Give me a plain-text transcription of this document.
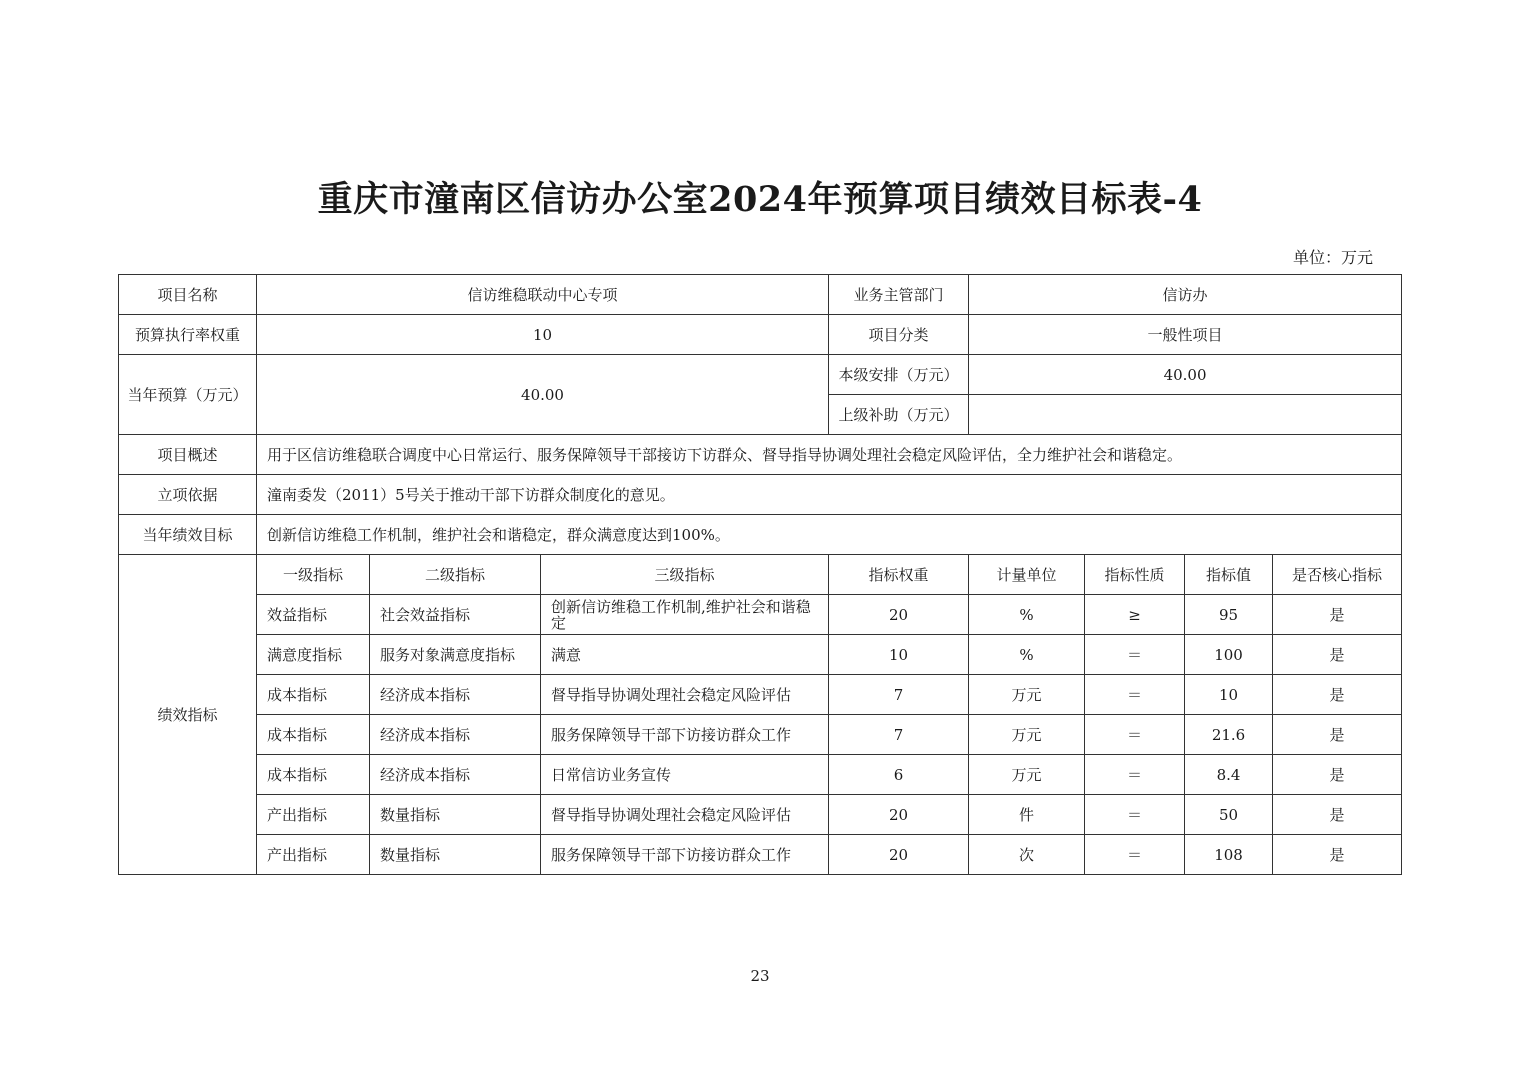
重庆市潼南区信访办公室2024年预算项目绩效目标表-4
单位：万元
项目名称	信访维稳联动中心专项			业务主管部门	信访办			
预算执行率权重	10			项目分类	一般性项目			
当年预算（万元）	40.00			本级安排（万元）	40.00			
				上级补助（万元）				
项目概述	用于区信访维稳联合调度中心日常运行、服务保障领导干部接访下访群众、督导指导协调处理社会稳定风险评估，全力维护社会和谐稳定。							
立项依据	潼南委发（2011）5号关于推动干部下访群众制度化的意见。							
当年绩效目标	创新信访维稳工作机制，维护社会和谐稳定，群众满意度达到100%。							
绩效指标	一级指标	二级指标	三级指标	指标权重	计量单位	指标性质	指标值	是否核心指标
	效益指标	社会效益指标	创新信访维稳工作机制,维护社会和谐稳定	20	%	≥	95	是
	满意度指标	服务对象满意度指标	满意	10	%	＝	100	是
	成本指标	经济成本指标	督导指导协调处理社会稳定风险评估	7	万元	＝	10	是
	成本指标	经济成本指标	服务保障领导干部下访接访群众工作	7	万元	＝	21.6	是
	成本指标	经济成本指标	日常信访业务宣传	6	万元	＝	8.4	是
	产出指标	数量指标	督导指导协调处理社会稳定风险评估	20	件	＝	50	是
	产出指标	数量指标	服务保障领导干部下访接访群众工作	20	次	＝	108	是
23
